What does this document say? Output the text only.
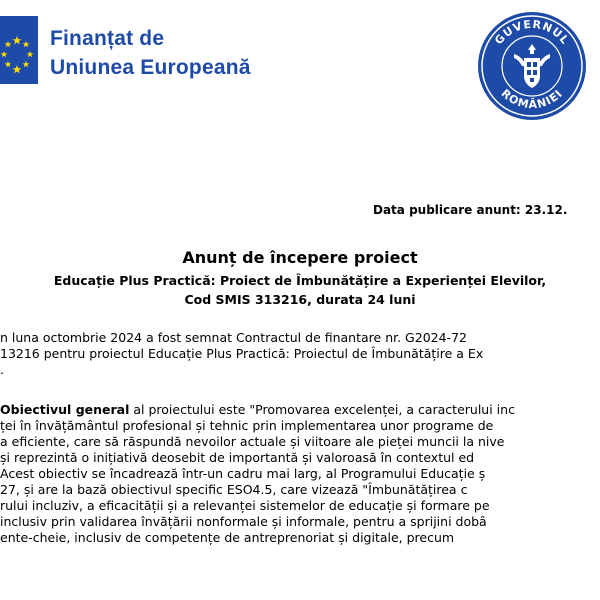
Finanțat de
Uniunea Europeană
GUVERNUL
ROMÂNIEI
Data publicare anunt: 23.12.
Anunț de începere proiect
Educație Plus Practică: Proiect de Îmbunătățire a Experienței Elevilor,
Cod SMIS 313216, durata 24 luni
n luna octombrie 2024 a fost semnat Contractul de finantare nr. G2024-72
13216 pentru proiectul Educație Plus Practică: Proiectul de Îmbunătățire a Ex
.
Obiectivul general al proiectului este "Promovarea excelenței, a caracterului inc
ței în învățământul profesional și tehnic prin implementarea unor programe de
a eficiente, care să răspundă nevoilor actuale și viitoare ale pieței muncii la nive
și reprezintă o inițiativă deosebit de importantă și valoroasă în contextul ed
Acest obiectiv se încadrează într-un cadru mai larg, al Programului Educație ș
27, și are la bază obiectivul specific ESO4.5, care vizează "Îmbunătățirea c
rului incluziv, a eficacității și a relevanței sistemelor de educație și formare pe
inclusiv prin validarea învățării nonformale și informale, pentru a sprijini dobâ
ente-cheie, inclusiv de competențe de antreprenoriat și digitale, precum
